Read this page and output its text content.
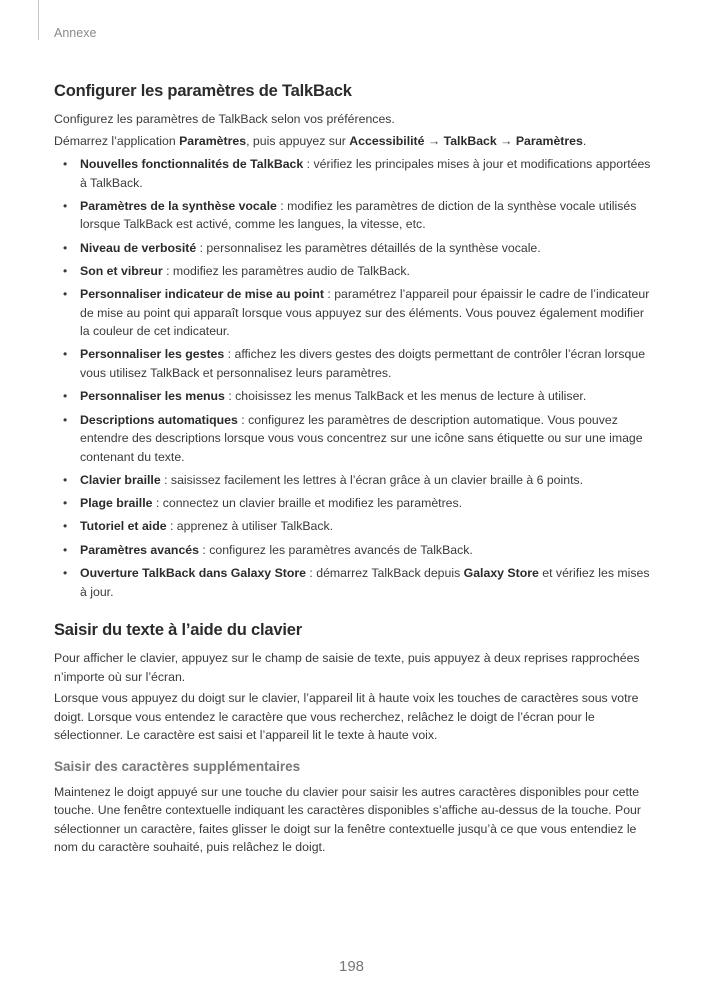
Annexe
Configurer les paramètres de TalkBack

Configurez les paramètres de TalkBack selon vos préférences.

Démarrez l’application Paramètres, puis appuyez sur Accessibilité → TalkBack → Paramètres.

• Nouvelles fonctionnalités de TalkBack : vérifiez les principales mises à jour et modifications apportées à TalkBack.
• Paramètres de la synthèse vocale : modifiez les paramètres de diction de la synthèse vocale utilisés lorsque TalkBack est activé, comme les langues, la vitesse, etc.
• Niveau de verbosité : personnalisez les paramètres détaillés de la synthèse vocale.
• Son et vibreur : modifiez les paramètres audio de TalkBack.
• Personnaliser indicateur de mise au point : paramétrez l’appareil pour épaissir le cadre de l’indicateur de mise au point qui apparaît lorsque vous appuyez sur des éléments. Vous pouvez également modifier la couleur de cet indicateur.
• Personnaliser les gestes : affichez les divers gestes des doigts permettant de contrôler l’écran lorsque vous utilisez TalkBack et personnalisez leurs paramètres.
• Personnaliser les menus : choisissez les menus TalkBack et les menus de lecture à utiliser.
• Descriptions automatiques : configurez les paramètres de description automatique. Vous pouvez entendre des descriptions lorsque vous vous concentrez sur une icône sans étiquette ou sur une image contenant du texte.
• Clavier braille : saisissez facilement les lettres à l’écran grâce à un clavier braille à 6 points.
• Plage braille : connectez un clavier braille et modifiez les paramètres.
• Tutoriel et aide : apprenez à utiliser TalkBack.
• Paramètres avancés : configurez les paramètres avancés de TalkBack.
• Ouverture TalkBack dans Galaxy Store : démarrez TalkBack depuis Galaxy Store et vérifiez les mises à jour.
Saisir du texte à l’aide du clavier

Pour afficher le clavier, appuyez sur le champ de saisie de texte, puis appuyez à deux reprises rapprochées n’importe où sur l’écran.

Lorsque vous appuyez du doigt sur le clavier, l’appareil lit à haute voix les touches de caractères sous votre doigt. Lorsque vous entendez le caractère que vous recherchez, relâchez le doigt de l’écran pour le sélectionner. Le caractère est saisi et l’appareil lit le texte à haute voix.

Saisir des caractères supplémentaires

Maintenez le doigt appuyé sur une touche du clavier pour saisir les autres caractères disponibles pour cette touche. Une fenêtre contextuelle indiquant les caractères disponibles s’affiche au-dessus de la touche. Pour sélectionner un caractère, faites glisser le doigt sur la fenêtre contextuelle jusqu’à ce que vous entendiez le nom du caractère souhaité, puis relâchez le doigt.

198
